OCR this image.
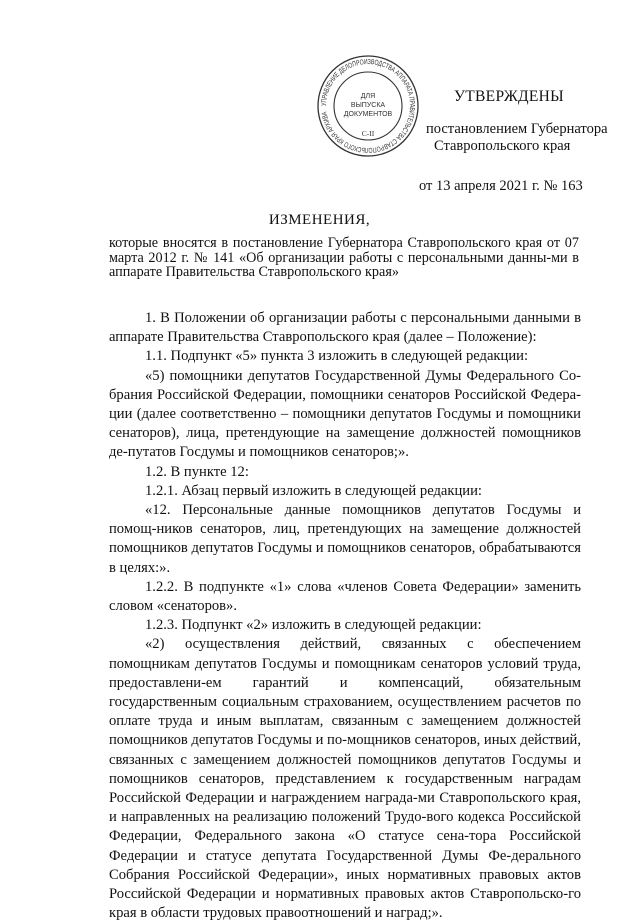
УПРАВЛЕНИЕ ДЕЛОПРОИЗВОДСТВА АППАРАТА ПРАВИТЕЛЬСТВА СТАВРОПОЛЬСКОГО КРАЯ АРХИВА
ДЛЯ
ВЫПУСКА
ДОКУМЕНТОВ
С-II
УТВЕРЖДЕНЫ
постановлением Губернатора
Ставропольского края
от 13 апреля 2021 г. № 163
ИЗМЕНЕНИЯ,
которые вносятся в постановление Губернатора Ставропольского края от 07 марта 2012 г. № 141 «Об организации работы с персональными данны-ми в аппарате Правительства Ставропольского края»

1. В Положении об организации работы с персональными данными в аппарате Правительства Ставропольского края (далее – Положение):

1.1. Подпункт «5» пункта 3 изложить в следующей редакции:

«5) помощники депутатов Государственной Думы Федерального Со-брания Российской Федерации, помощники сенаторов Российской Федера-ции (далее соответственно – помощники депутатов Госдумы и помощники сенаторов), лица, претендующие на замещение должностей помощников де-путатов Госдумы и помощников сенаторов;».

1.2. В пункте 12:

1.2.1. Абзац первый изложить в следующей редакции:

«12. Персональные данные помощников депутатов Госдумы и помощ-ников сенаторов, лиц, претендующих на замещение должностей помощников депутатов Госдумы и помощников сенаторов, обрабатываются в целях:».

1.2.2. В подпункте «1» слова «членов Совета Федерации» заменить словом «сенаторов».

1.2.3. Подпункт «2» изложить в следующей редакции:

«2) осуществления действий, связанных с обеспечением помощникам депутатов Госдумы и помощникам сенаторов условий труда, предоставлени-ем гарантий и компенсаций, обязательным государственным социальным страхованием, осуществлением расчетов по оплате труда и иным выплатам, связанным с замещением должностей помощников депутатов Госдумы и по-мощников сенаторов, иных действий, связанных с замещением должностей помощников депутатов Госдумы и помощников сенаторов, представлением к государственным наградам Российской Федерации и награждением награда-ми Ставропольского края, и направленных на реализацию положений Трудо-вого кодекса Российской Федерации, Федерального закона «О статусе сена-тора Российской Федерации и статусе депутата Государственной Думы Фе-дерального Собрания Российской Федерации», иных нормативных правовых актов Российской Федерации и нормативных правовых актов Ставропольско-го края в области трудовых правоотношений и наград;».
